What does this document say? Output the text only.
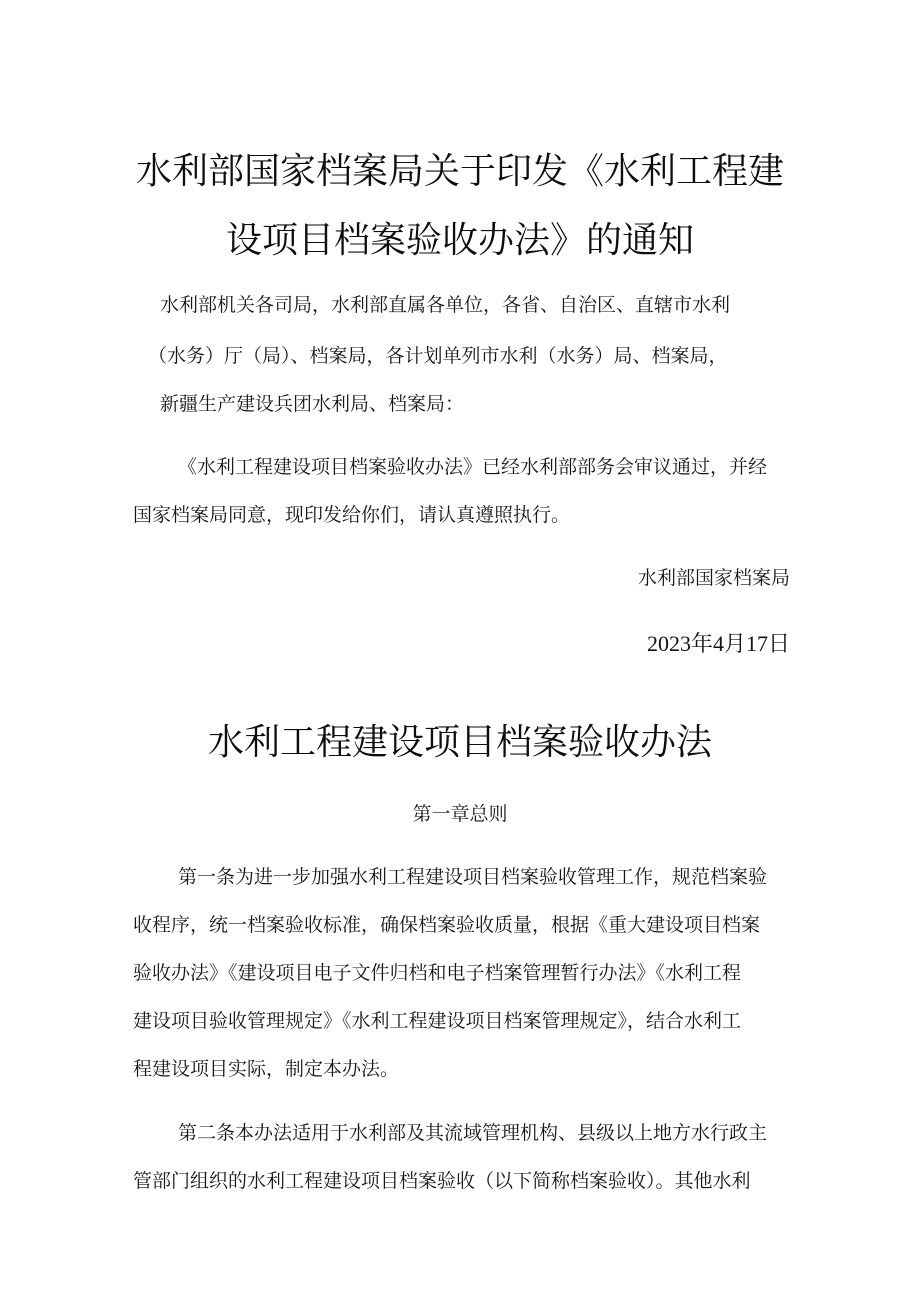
水利部国家档案局关于印发《水利工程建
设项目档案验收办法》的通知
水利部机关各司局，水利部直属各单位，各省、自治区、直辖市水利
（水务）厅（局）、档案局，各计划单列市水利（水务）局、档案局，
新疆生产建设兵团水利局、档案局：
《水利工程建设项目档案验收办法》已经水利部部务会审议通过，并经
国家档案局同意，现印发给你们，请认真遵照执行。
水利部国家档案局
2023年4月17日
水利工程建设项目档案验收办法
第一章总则
第一条为进一步加强水利工程建设项目档案验收管理工作，规范档案验
收程序，统一档案验收标准，确保档案验收质量，根据《重大建设项目档案
验收办法》《建设项目电子文件归档和电子档案管理暂行办法》《水利工程
建设项目验收管理规定》《水利工程建设项目档案管理规定》，结合水利工
程建设项目实际，制定本办法。
第二条本办法适用于水利部及其流域管理机构、县级以上地方水行政主
管部门组织的水利工程建设项目档案验收（以下简称档案验收）。其他水利
